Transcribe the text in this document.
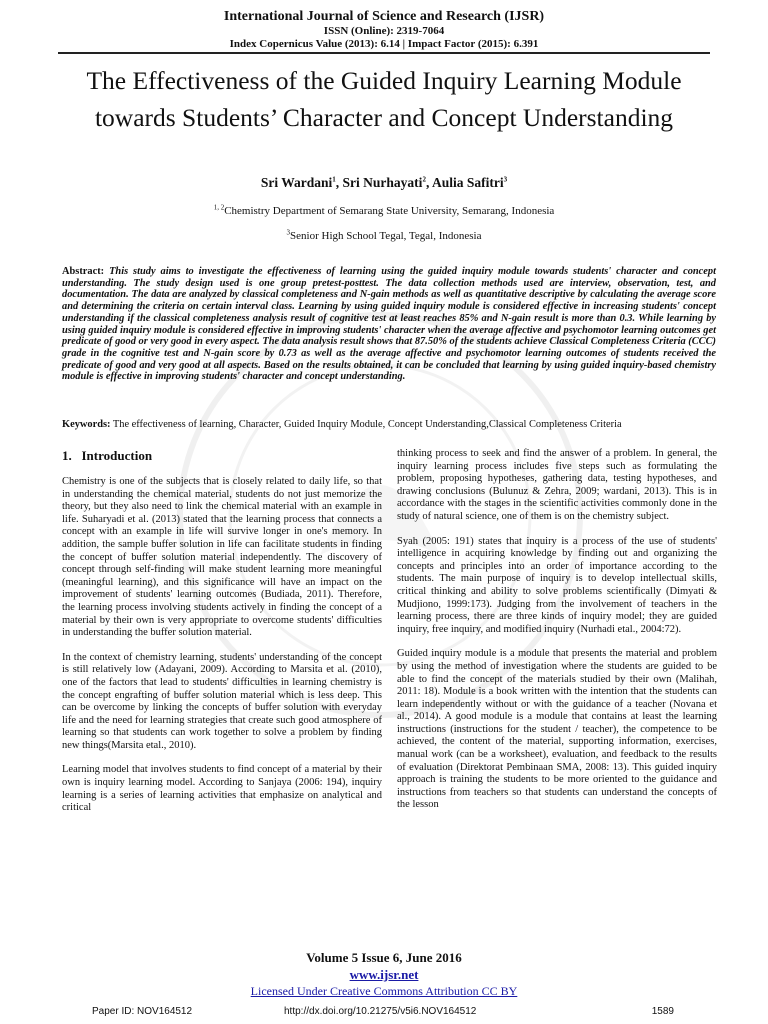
International Journal of Science and Research (IJSR)
ISSN (Online): 2319-7064
Index Copernicus Value (2013): 6.14 | Impact Factor (2015): 6.391
The Effectiveness of the Guided Inquiry Learning Module towards Students’ Character and Concept Understanding
Sri Wardani$^1$, Sri Nurhayati$^2$, Aulia Safitri$^3$
$^{1, 2}$Chemistry Department of Semarang State University, Semarang, Indonesia
$^3$Senior High School Tegal, Tegal, Indonesia

Abstract: This study aims to investigate the effectiveness of learning using the guided inquiry module towards students' character and concept understanding. The study design used is one group pretest-posttest. The data collection methods used are interview, observation, test, and documentation. The data are analyzed by classical completeness and N-gain methods as well as quantitative descriptive by calculating the average score and determining the criteria on certain interval class. Learning by using guided inquiry module is considered effective in increasing students' concept understanding if the classical completeness analysis result of cognitive test at least reaches 85% and N-gain result is more than 0.3. While learning by using guided inquiry module is considered effective in improving students' character when the average affective and psychomotor learning outcomes get predicate of good or very good in every aspect. The data analysis result shows that 87.50% of the students achieve Classical Completeness Criteria (CCC) grade in the cognitive test and N-gain score by 0.73 as well as the average affective and psychomotor learning outcomes of students received the predicate of good and very good at all aspects. Based on the results obtained, it can be concluded that learning by using guided inquiry-based chemistry module is effective in improving students' character and concept understanding.

Keywords: The effectiveness of learning, Character, Guided Inquiry Module, Concept Understanding,Classical Completeness Criteria

1. Introduction

Chemistry is one of the subjects that is closely related to daily life, so that in understanding the chemical material, students do not just memorize the theory, but they also need to link the chemical material with an example in life. Suharyadi et al. (2013) stated that the learning process that connects a concept with an example in life will survive longer in one's memory. In addition, the sample buffer solution in life can facilitate students in finding the concept of buffer solution material independently. The discovery of concept through self-finding will make student learning more meaningful (meaningful learning), and this significance will have an impact on the improvement of students' learning outcomes (Budiada, 2011). Therefore, the learning process involving students actively in finding the concept of a material by their own is very appropriate to overcome students' difficulties in understanding the buffer solution material.

In the context of chemistry learning, students' understanding of the concept is still relatively low (Adayani, 2009). According to Marsita et al. (2010), one of the factors that lead to students' difficulties in learning chemistry is the concept engrafting of buffer solution material which is less deep. This can be overcome by linking the concepts of buffer solution with everyday life and the need for learning strategies that create such good atmosphere of learning so that students can work together to solve a problem by finding new things(Marsita etal., 2010).

Learning model that involves students to find concept of a material by their own is inquiry learning model. According to Sanjaya (2006: 194), inquiry learning is a series of learning activities that emphasize on analytical and critical

thinking process to seek and find the answer of a problem. In general, the inquiry learning process includes five steps such as formulating the problem, proposing hypotheses, gathering data, testing hypotheses, and drawing conclusions (Bulunuz & Zehra, 2009; wardani, 2013). This is in accordance with the stages in the scientific activities commonly done in the study of natural science, one of them is on the chemistry subject.

Syah (2005: 191) states that inquiry is a process of the use of students' intelligence in acquiring knowledge by finding out and organizing the concepts and principles into an order of importance according to the students. The main purpose of inquiry is to develop intellectual skills, critical thinking and ability to solve problems scientifically (Dimyati & Mudjiono, 1999:173). Judging from the involvement of teachers in the learning process, there are three kinds of inquiry model; they are guided inquiry, free inquiry, and modified inquiry (Nurhadi etal., 2004:72).

Guided inquiry module is a module that presents the material and problem by using the method of investigation where the students are guided to be able to find the concept of the materials studied by their own (Malihah, 2011: 18). Module is a book written with the intention that the students can learn independently without or with the guidance of a teacher (Novana et al., 2014). A good module is a module that contains at least the learning instructions (instructions for the student / teacher), the competence to be achieved, the content of the material, supporting information, exercises, manual work (can be a worksheet), evaluation, and feedback to the results of evaluation (Direktorat Pembinaan SMA, 2008: 13). This guided inquiry approach is training the students to be more oriented to the guidance and instructions from teachers so that students can understand the concepts of the lesson

Volume 5 Issue 6, June 2016
www.ijsr.net
Licensed Under Creative Commons Attribution CC BY
Paper ID: NOV164512	http://dx.doi.org/10.21275/v5i6.NOV164512	1589
